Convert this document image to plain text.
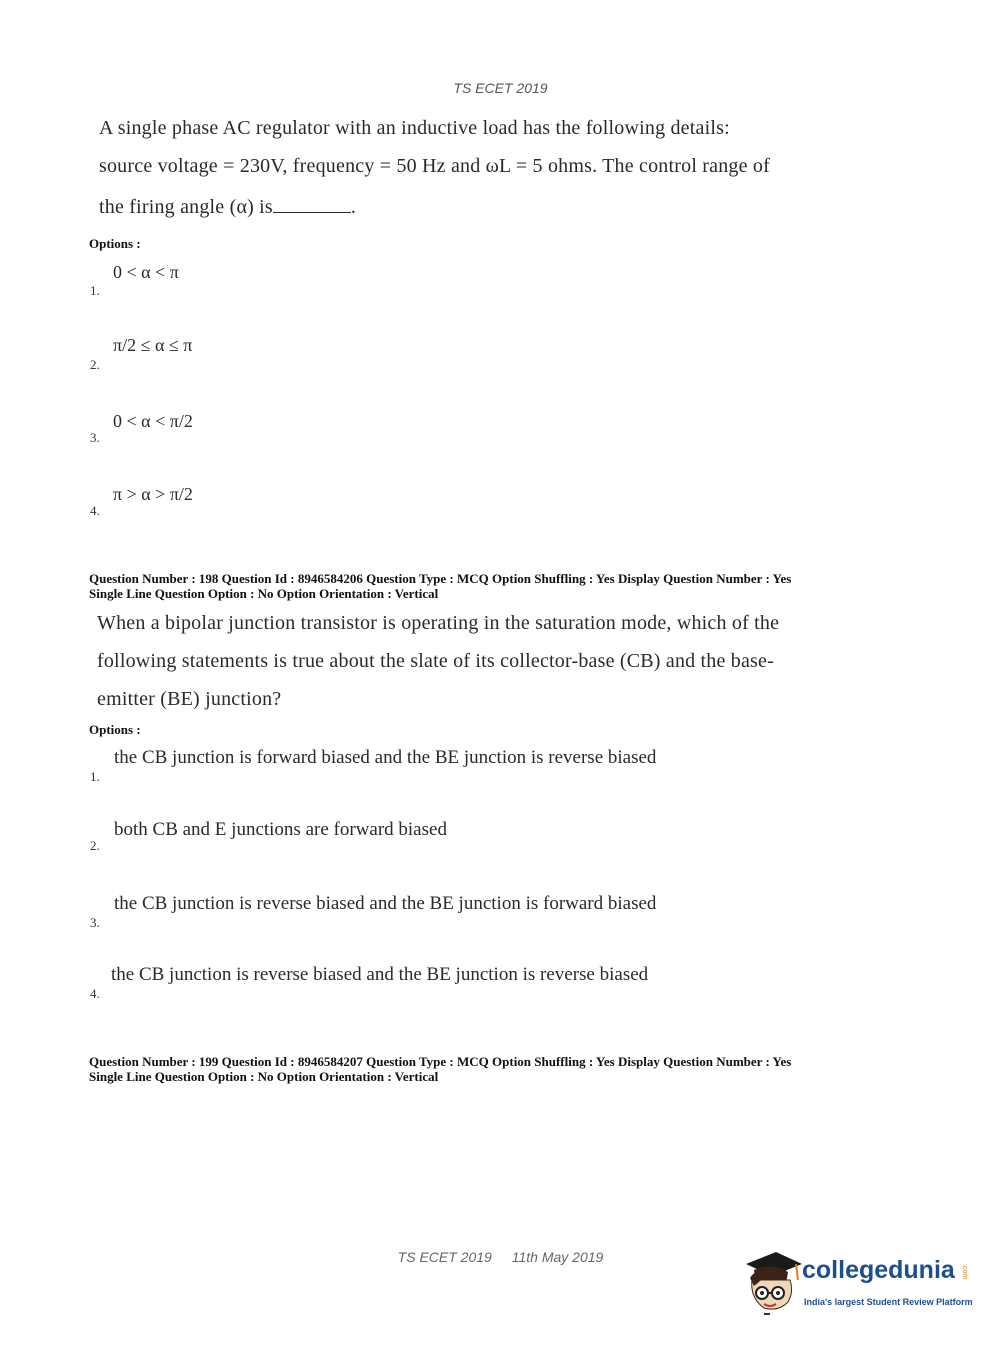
TS ECET 2019
A single phase AC regulator with an inductive load has the following details:
source voltage = 230V, frequency = 50 Hz and ωL = 5 ohms. The control range of
the firing angle (α) is	.
Options :
0 < α < π
1.
π/2 ≤ α ≤ π
2.
0 < α < π/2
3.
π > α > π/2
4.
Question Number : 198 Question Id : 8946584206 Question Type : MCQ Option Shuffling : Yes Display Question Number : Yes
Single Line Question Option : No Option Orientation : Vertical
When a bipolar junction transistor is operating in the saturation mode, which of the
following statements is true about the slate of its collector-base (CB) and the base-
emitter (BE) junction?
Options :
the CB junction is forward biased and the BE junction is reverse biased
1.
both CB and E junctions are forward biased
2.
the CB junction is reverse biased and the BE junction is forward biased
3.
the CB junction is reverse biased and the BE junction is reverse biased
4.
Question Number : 199 Question Id : 8946584207 Question Type : MCQ Option Shuffling : Yes Display Question Number : Yes
Single Line Question Option : No Option Orientation : Vertical
TS ECET 2019 11th May 2019	collegedunia .com
India's largest Student Review Platform
